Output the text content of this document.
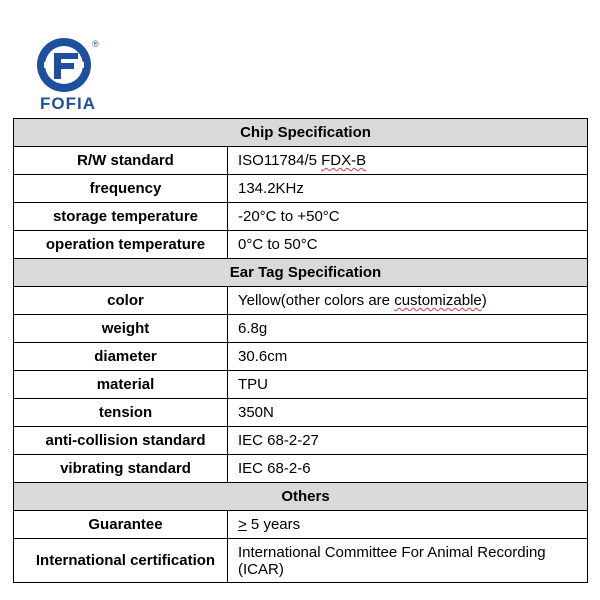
®
FOFIA
Chip Specification	
R/W standard	ISO11784/5 FDX-B
frequency	134.2KHz
storage temperature	-20°C to +50°C
operation temperature	0°C to 50°C
Ear Tag Specification	
color	Yellow(other colors are customizable)
weight	6.8g
diameter	30.6cm
material	TPU
tension	350N
anti-collision standard	IEC 68-2-27
vibrating standard	IEC 68-2-6
Others	
Guarantee	≥ 5 years
International certification	International Committee For Animal Recording (ICAR)
